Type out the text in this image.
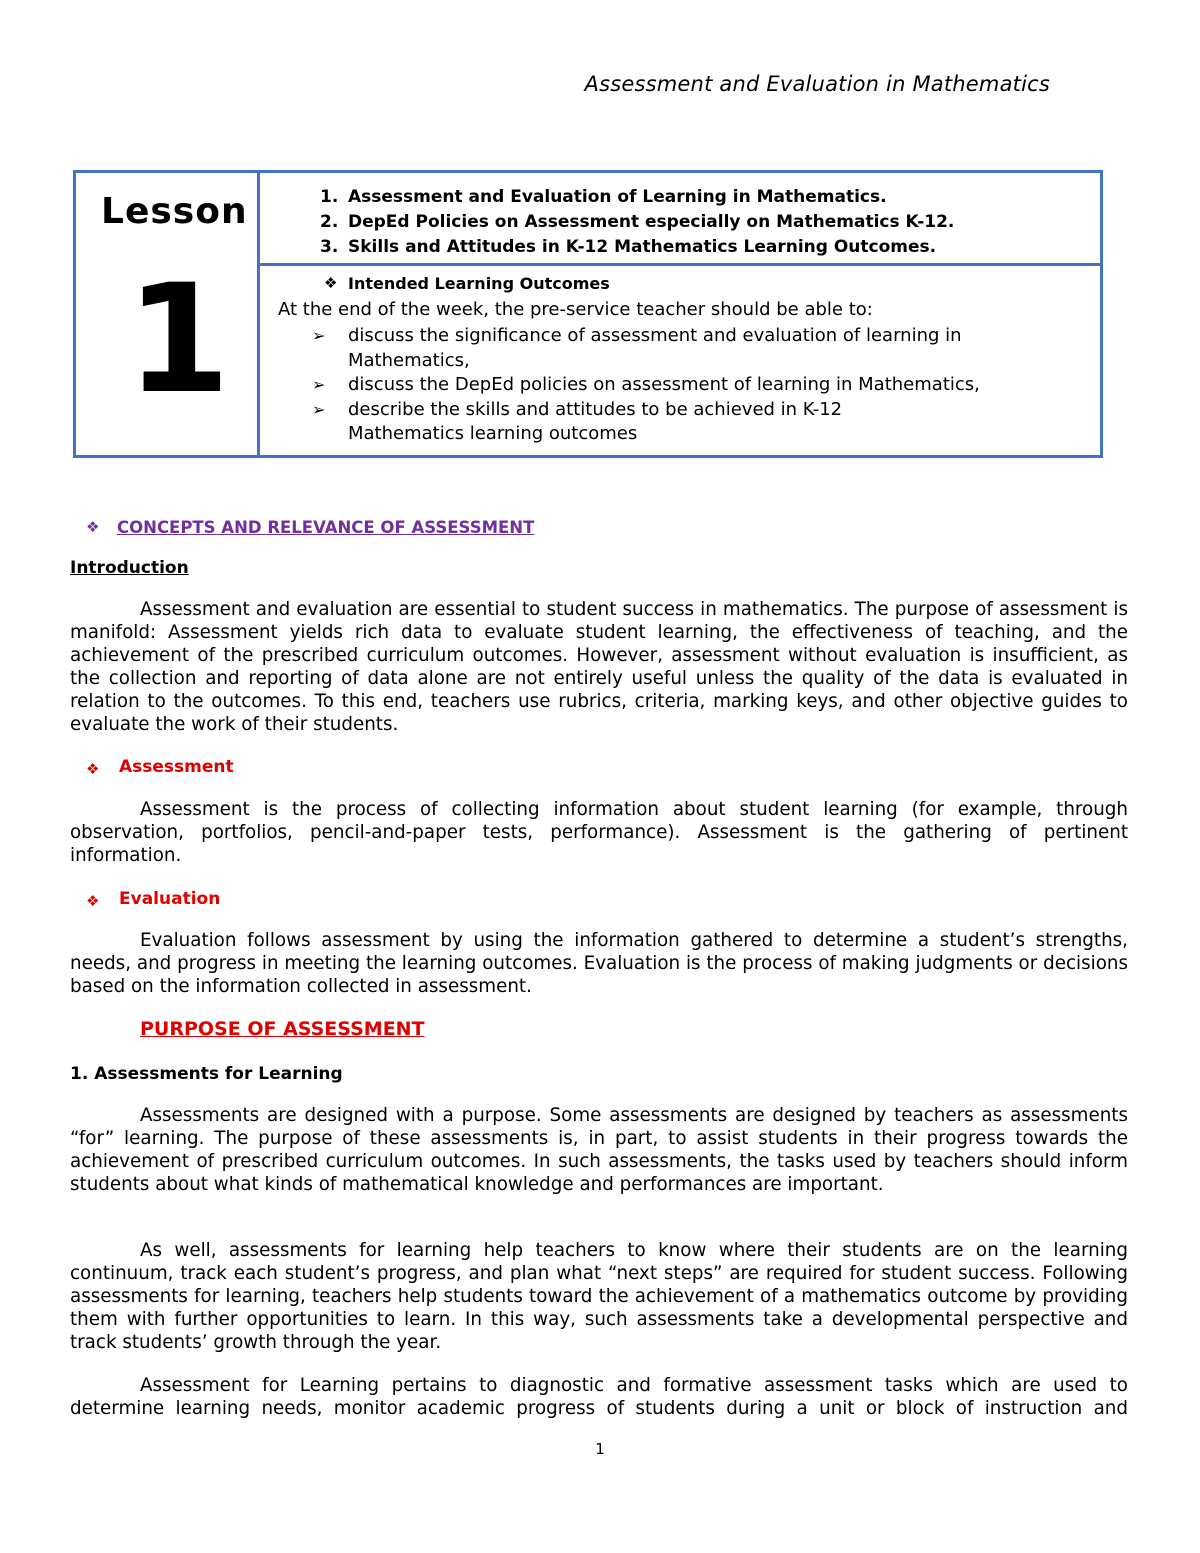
Assessment and Evaluation in Mathematics
Lesson
1
1. Assessment and Evaluation of Learning in Mathematics.
2. DepEd Policies on Assessment especially on Mathematics K-12.
3. Skills and Attitudes in K-12 Mathematics Learning Outcomes.
❖ Intended Learning Outcomes
At the end of the week, the pre-service teacher should be able to:
➢ discuss the significance of assessment and evaluation of learning in Mathematics,
➢ discuss the DepEd policies on assessment of learning in Mathematics,
➢ describe the skills and attitudes to be achieved in K-12 Mathematics learning outcomes
❖ CONCEPTS AND RELEVANCE OF ASSESSMENT
Introduction

Assessment and evaluation are essential to student success in mathematics. The purpose of assessment is manifold: Assessment yields rich data to evaluate student learning, the effectiveness of teaching, and the achievement of the prescribed curriculum outcomes. However, assessment without evaluation is insufficient, as the collection and reporting of data alone are not entirely useful unless the quality of the data is evaluated in relation to the outcomes. To this end, teachers use rubrics, criteria, marking keys, and other objective guides to evaluate the work of their students.

❖ Assessment

Assessment is the process of collecting information about student learning (for example, through observation, portfolios, pencil-and-paper tests, performance). Assessment is the gathering of pertinent information.

❖ Evaluation

Evaluation follows assessment by using the information gathered to determine a student’s strengths, needs, and progress in meeting the learning outcomes. Evaluation is the process of making judgments or decisions based on the information collected in assessment.

PURPOSE OF ASSESSMENT
1. Assessments for Learning

Assessments are designed with a purpose. Some assessments are designed by teachers as assessments “for” learning. The purpose of these assessments is, in part, to assist students in their progress towards the achievement of prescribed curriculum outcomes. In such assessments, the tasks used by teachers should inform students about what kinds of mathematical knowledge and performances are important.

As well, assessments for learning help teachers to know where their students are on the learning continuum, track each student’s progress, and plan what “next steps” are required for student success. Following assessments for learning, teachers help students toward the achievement of a mathematics outcome by providing them with further opportunities to learn. In this way, such assessments take a developmental perspective and track students’ growth through the year.

Assessment for Learning pertains to diagnostic and formative assessment tasks which are used to determine learning needs, monitor academic progress of students during a unit or block of instruction and

1
